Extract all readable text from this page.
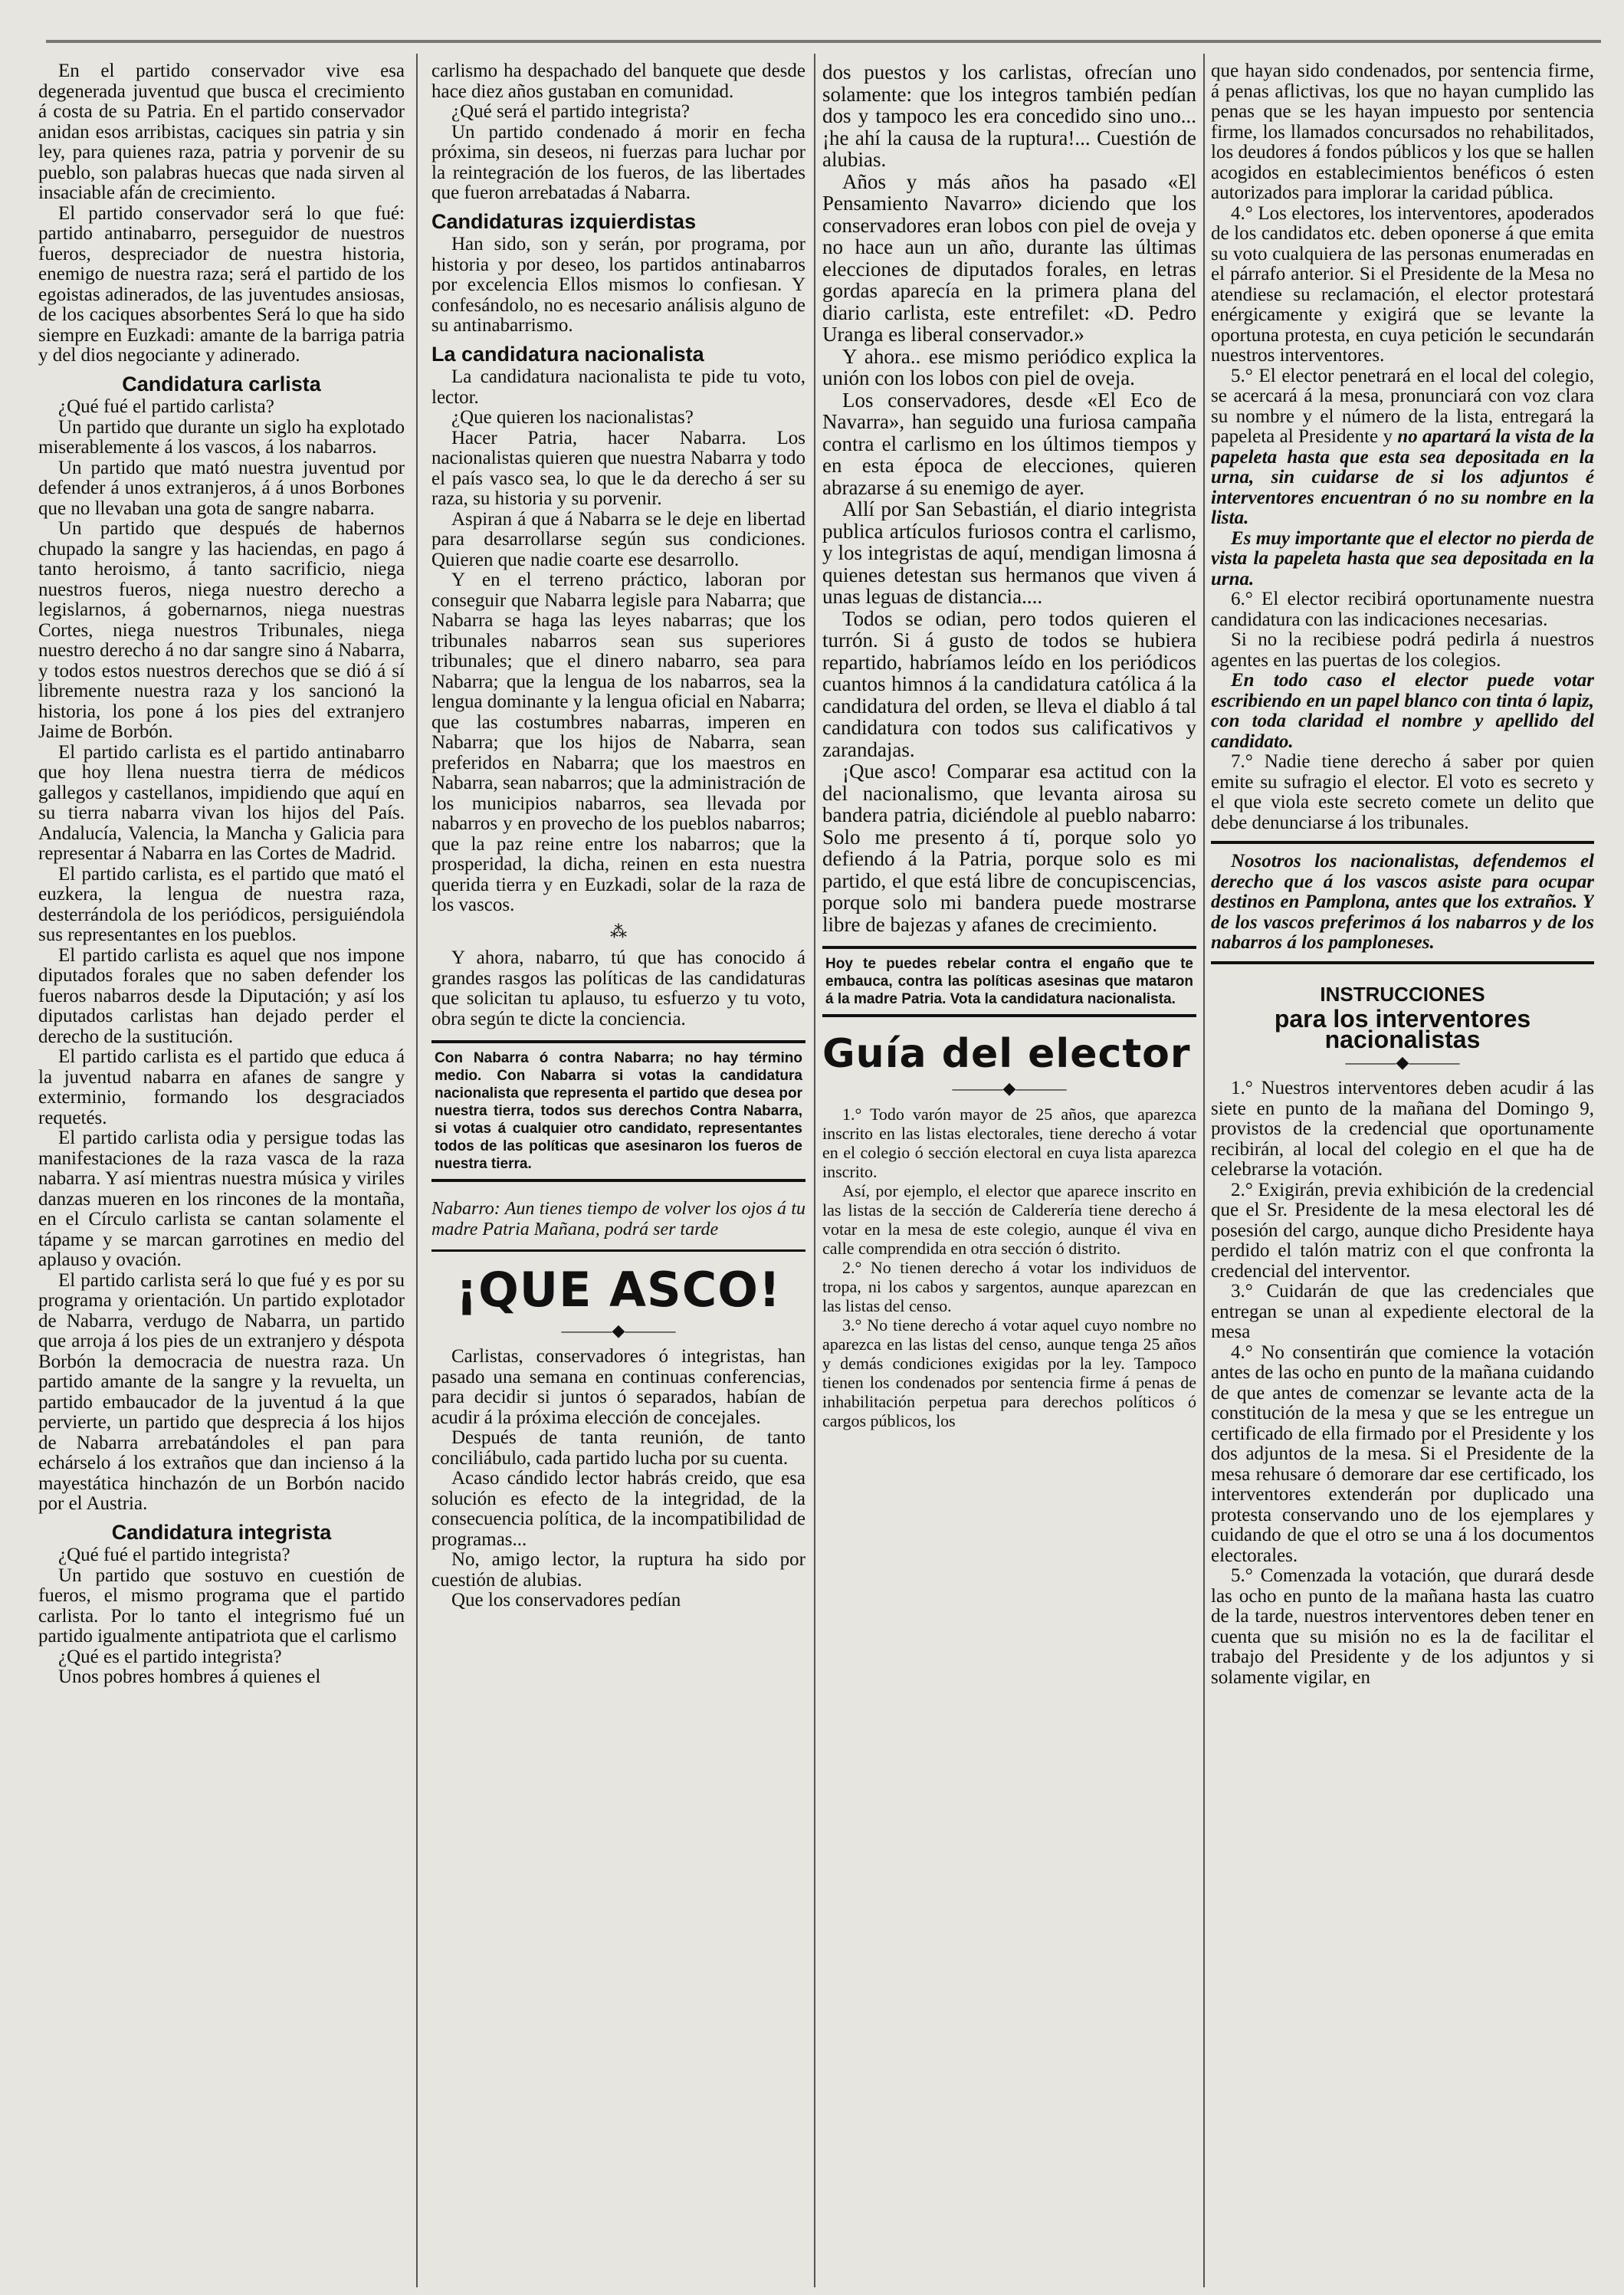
En el partido conservador vive esa degenerada juventud que busca el crecimiento á costa de su Patria. En el partido conservador anidan esos arribistas, caciques sin patria y sin ley, para quienes raza, patria y porvenir de su pueblo, son palabras huecas que nada sirven al insaciable afán de crecimiento.

El partido conservador será lo que fué: partido antinabarro, perseguidor de nuestros fueros, despreciador de nuestra historia, enemigo de nuestra raza; será el partido de los egoistas adinerados, de las juventudes ansiosas, de los caciques absorbentes Será lo que ha sido siempre en Euzkadi: amante de la barriga patria y del dios negociante y adinerado.

Candidatura carlista

¿Qué fué el partido carlista?

Un partido que durante un siglo ha explotado miserablemente á los vascos, á los nabarros.

Un partido que mató nuestra juventud por defender á unos extranjeros, á á unos Borbones que no llevaban una gota de sangre nabarra.

Un partido que después de habernos chupado la sangre y las haciendas, en pago á tanto heroismo, á tanto sacrificio, niega nuestros fueros, niega nuestro derecho a legislarnos, á gobernarnos, niega nuestras Cortes, niega nuestros Tribunales, niega nuestro derecho á no dar sangre sino á Nabarra, y todos estos nuestros derechos que se dió á sí libremente nuestra raza y los sancionó la historia, los pone á los pies del extranjero Jaime de Borbón.

El partido carlista es el partido antinabarro que hoy llena nuestra tierra de médicos gallegos y castellanos, impidiendo que aquí en su tierra nabarra vivan los hijos del País. Andalucía, Valencia, la Mancha y Galicia para representar á Nabarra en las Cortes de Madrid.

El partido carlista, es el partido que mató el euzkera, la lengua de nuestra raza, desterrándola de los periódicos, persiguiéndola sus representantes en los pueblos.

El partido carlista es aquel que nos impone diputados forales que no saben defender los fueros nabarros desde la Diputación; y así los diputados carlistas han dejado perder el derecho de la sustitución.

El partido carlista es el partido que educa á la juventud nabarra en afanes de sangre y exterminio, formando los desgraciados requetés.

El partido carlista odia y persigue todas las manifestaciones de la raza vasca de la raza nabarra. Y así mientras nuestra música y viriles danzas mueren en los rincones de la montaña, en el Círculo carlista se cantan solamente el tápame y se marcan garrotines en medio del aplauso y ovación.

El partido carlista será lo que fué y es por su programa y orientación. Un partido explotador de Nabarra, verdugo de Nabarra, un partido que arroja á los pies de un extranjero y déspota Borbón la democracia de nuestra raza. Un partido amante de la sangre y la revuelta, un partido embaucador de la juventud á la que pervierte, un partido que desprecia á los hijos de Nabarra arrebatándoles el pan para echárselo á los extraños que dan incienso á la mayestática hinchazón de un Borbón nacido por el Austria.

Candidatura integrista

¿Qué fué el partido integrista?

Un partido que sostuvo en cuestión de fueros, el mismo programa que el partido carlista. Por lo tanto el integrismo fué un partido igualmente antipatriota que el carlismo

¿Qué es el partido integrista?

Unos pobres hombres á quienes el

carlismo ha despachado del banquete que desde hace diez años gustaban en comunidad.

¿Qué será el partido integrista?

Un partido condenado á morir en fecha próxima, sin deseos, ni fuerzas para luchar por la reintegración de los fueros, de las libertades que fueron arrebatadas á Nabarra.

Candidaturas izquierdistas

Han sido, son y serán, por programa, por historia y por deseo, los partidos antinabarros por excelencia Ellos mismos lo confiesan. Y confesándolo, no es necesario análisis alguno de su antinabarrismo.

La candidatura nacionalista

La candidatura nacionalista te pide tu voto, lector.

¿Que quieren los nacionalistas?

Hacer Patria, hacer Nabarra. Los nacionalistas quieren que nuestra Nabarra y todo el país vasco sea, lo que le da derecho á ser su raza, su historia y su porvenir.

Aspiran á que á Nabarra se le deje en libertad para desarrollarse según sus condiciones. Quieren que nadie coarte ese desarrollo.

Y en el terreno práctico, laboran por conseguir que Nabarra legisle para Nabarra; que Nabarra se haga las leyes nabarras; que los tribunales nabarros sean sus superiores tribunales; que el dinero nabarro, sea para Nabarra; que la lengua de los nabarros, sea la lengua dominante y la lengua oficial en Nabarra; que las costumbres nabarras, imperen en Nabarra; que los hijos de Nabarra, sean preferidos en Nabarra; que los maestros en Nabarra, sean nabarros; que la administración de los municipios nabarros, sea llevada por nabarros y en provecho de los pueblos nabarros; que la paz reine entre los nabarros; que la prosperidad, la dicha, reinen en esta nuestra querida tierra y en Euzkadi, solar de la raza de los vascos.

⁂

Y ahora, nabarro, tú que has conocido á grandes rasgos las políticas de las candidaturas que solicitan tu aplauso, tu esfuerzo y tu voto, obra según te dicte la conciencia.

Con Nabarra ó contra Nabarra; no hay término medio. Con Nabarra si votas la candidatura nacionalista que representa el partido que desea por nuestra tierra, todos sus derechos Contra Nabarra, si votas á cualquier otro candidato, representantes todos de las políticas que asesinaron los fueros de nuestra tierra.
Nabarro: Aun tienes tiempo de volver los ojos á tu madre Patria Mañana, podrá ser tarde
¡QUE ASCO!
―――◆―――

Carlistas, conservadores ó integristas, han pasado una semana en continuas conferencias, para decidir si juntos ó separados, habían de acudir á la próxima elección de concejales.

Después de tanta reunión, de tanto conciliábulo, cada partido lucha por su cuenta.

Acaso cándido lector habrás creido, que esa solución es efecto de la integridad, de la consecuencia política, de la incompatibilidad de programas...

No, amigo lector, la ruptura ha sido por cuestión de alubias.

Que los conservadores pedían

dos puestos y los carlistas, ofrecían uno solamente: que los integros también pedían dos y tampoco les era concedido sino uno... ¡he ahí la causa de la ruptura!... Cuestión de alubias.

Años y más años ha pasado «El Pensamiento Navarro» diciendo que los conservadores eran lobos con piel de oveja y no hace aun un año, durante las últimas elecciones de diputados forales, en letras gordas aparecía en la primera plana del diario carlista, este entrefilet: «D. Pedro Uranga es liberal conservador.»

Y ahora.. ese mismo periódico explica la unión con los lobos con piel de oveja.

Los conservadores, desde «El Eco de Navarra», han seguido una furiosa campaña contra el carlismo en los últimos tiempos y en esta época de elecciones, quieren abrazarse á su enemigo de ayer.

Allí por San Sebastián, el diario integrista publica artículos furiosos contra el carlismo, y los integristas de aquí, mendigan limosna á quienes detestan sus hermanos que viven á unas leguas de distancia....

Todos se odian, pero todos quieren el turrón. Si á gusto de todos se hubiera repartido, habríamos leído en los periódicos cuantos himnos á la candidatura católica á la candidatura del orden, se lleva el diablo á tal candidatura con todos sus calificativos y zarandajas.

¡Que asco! Comparar esa actitud con la del nacionalismo, que levanta airosa su bandera patria, diciéndole al pueblo nabarro: Solo me presento á tí, porque solo yo defiendo á la Patria, porque solo es mi partido, el que está libre de concupiscencias, porque solo mi bandera puede mostrarse libre de bajezas y afanes de crecimiento.

Hoy te puedes rebelar contra el engaño que te embauca, contra las políticas asesinas que mataron á la madre Patria. Vota la candidatura nacionalista.
Guía del elector
―――◆―――

1.° Todo varón mayor de 25 años, que aparezca inscrito en las listas electorales, tiene derecho á votar en el colegio ó sección electoral en cuya lista aparezca inscrito.

Así, por ejemplo, el elector que aparece inscrito en las listas de la sección de Calderería tiene derecho á votar en la mesa de este colegio, aunque él viva en calle comprendida en otra sección ó distrito.

2.° No tienen derecho á votar los individuos de tropa, ni los cabos y sargentos, aunque aparezcan en las listas del censo.

3.° No tiene derecho á votar aquel cuyo nombre no aparezca en las listas del censo, aunque tenga 25 años y demás condiciones exigidas por la ley. Tampoco tienen los condenados por sentencia firme á penas de inhabilitación perpetua para derechos políticos ó cargos públicos, los

que hayan sido condenados, por sentencia firme, á penas aflictivas, los que no hayan cumplido las penas que se les hayan impuesto por sentencia firme, los llamados concursados no rehabilitados, los deudores á fondos públicos y los que se hallen acogidos en establecimientos benéficos ó esten autorizados para implorar la caridad pública.

4.° Los electores, los interventores, apoderados de los candidatos etc. deben oponerse á que emita su voto cualquiera de las personas enumeradas en el párrafo anterior. Si el Presidente de la Mesa no atendiese su reclamación, el elector protestará enérgicamente y exigirá que se levante la oportuna protesta, en cuya petición le secundarán nuestros interventores.

5.° El elector penetrará en el local del colegio, se acercará á la mesa, pronunciará con voz clara su nombre y el número de la lista, entregará la papeleta al Presidente y no apartará la vista de la papeleta hasta que esta sea depositada en la urna, sin cuidarse de si los adjuntos é interventores encuentran ó no su nombre en la lista.

Es muy importante que el elector no pierda de vista la papeleta hasta que sea depositada en la urna.

6.° El elector recibirá oportunamente nuestra candidatura con las indicaciones necesarias.

Si no la recibiese podrá pedirla á nuestros agentes en las puertas de los colegios.

En todo caso el elector puede votar escribiendo en un papel blanco con tinta ó lapiz, con toda claridad el nombre y apellido del candidato.

7.° Nadie tiene derecho á saber por quien emite su sufragio el elector. El voto es secreto y el que viola este secreto comete un delito que debe denunciarse á los tribunales.

Nosotros los nacionalistas, defendemos el derecho que á los vascos asiste para ocupar destinos en Pamplona, antes que los extraños. Y de los vascos preferimos á los nabarros y de los nabarros á los pamploneses.

INSTRUCCIONES
para los interventores nacionalistas
―――◆―――

1.° Nuestros interventores deben acudir á las siete en punto de la mañana del Domingo 9, provistos de la credencial que oportunamente recibirán, al local del colegio en el que ha de celebrarse la votación.

2.° Exigirán, previa exhibición de la credencial que el Sr. Presidente de la mesa electoral les dé posesión del cargo, aunque dicho Presidente haya perdido el talón matriz con el que confronta la credencial del interventor.

3.° Cuidarán de que las credenciales que entregan se unan al expediente electoral de la mesa

4.° No consentirán que comience la votación antes de las ocho en punto de la mañana cuidando de que antes de comenzar se levante acta de la constitución de la mesa y que se les entregue un certificado de ella firmado por el Presidente y los dos adjuntos de la mesa. Si el Presidente de la mesa rehusare ó demorare dar ese certificado, los interventores extenderán por duplicado una protesta conservando uno de los ejemplares y cuidando de que el otro se una á los documentos electorales.

5.° Comenzada la votación, que durará desde las ocho en punto de la mañana hasta las cuatro de la tarde, nuestros interventores deben tener en cuenta que su misión no es la de facilitar el trabajo del Presidente y de los adjuntos y si solamente vigilar, en
